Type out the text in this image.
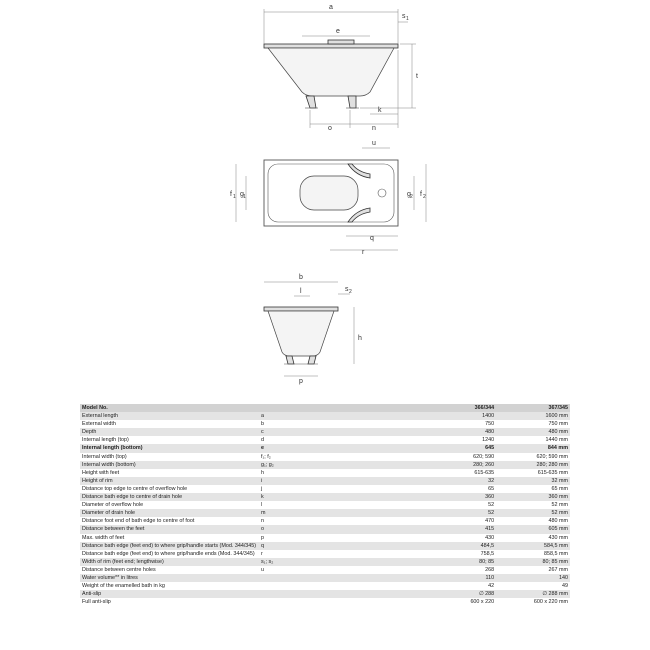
a
s 1
e
t
k
o	n
u
f 1 g 1	g 2 f 2
q
r
b
l	s 2
h
p
Model No.		366/344	367/345
External length	a	1400	1600 mm
External width	b	750	750 mm
Depth	c	480	480 mm
Internal length (top)	d	1240	1440 mm
Internal length (bottom)	e	645	844 mm
Internal width (top)	f₁; f₂	620; 590	620; 590 mm
Internal width (bottom)	g₁; g₂	280; 260	280; 280 mm
Height with feet	h	615-635	615-635 mm
Height of rim	i	32	32 mm
Distance top edge to centre of overflow hole	j	65	65 mm
Distance bath edge to centre of drain hole	k	360	360 mm
Diameter of overflow hole	l	52	52 mm
Diameter of drain hole	m	52	52 mm
Distance foot end of bath edge to centre of foot	n	470	480 mm
Distance between the feet	o	415	605 mm
Max. width of feet	p	430	430 mm
Distance bath edge (feet end) to where grip/handle starts (Mod. 344/345)	q	484,5	584,5 mm
Distance bath edge (feet end) to where grip/handle ends (Mod. 344/345)	r	758,5	858,5 mm
Width of rim (feet end; lengthwise)	s₁; s₂	80; 85	80; 85 mm
Distance between centre holes	u	268	267 mm
Water volume** in litres		110	140
Weight of the enamelled bath in kg		42	49
Anti-slip		∅ 288	∅ 288 mm
Full anti-slip		600 x 220	600 x 220 mm
